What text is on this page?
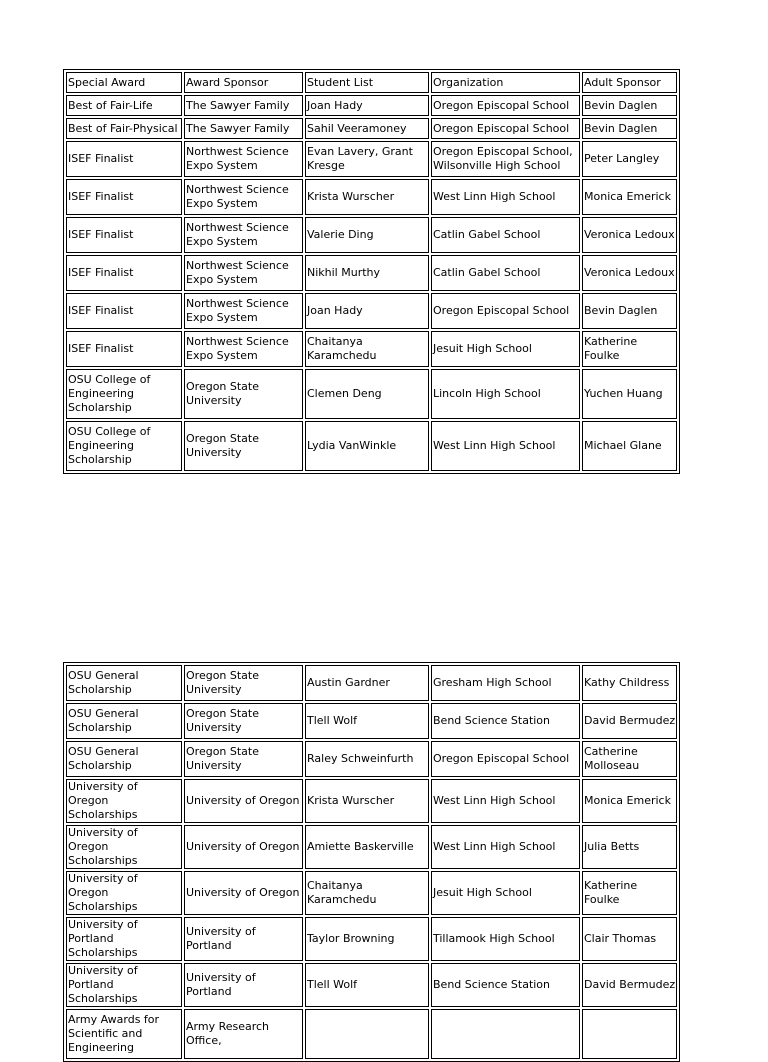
Special Award	Award Sponsor	Student List	Organization	Adult Sponsor

Best of Fair-Life	The Sawyer Family	Joan Hady	Oregon Episcopal School	Bevin Daglen

Best of Fair-Physical	The Sawyer Family	Sahil Veeramoney	Oregon Episcopal School	Bevin Daglen

ISEF Finalist	Northwest Science
Expo System	Evan Lavery, Grant
Kresge	Oregon Episcopal School,
Wilsonville High School	Peter Langley

ISEF Finalist	Northwest Science
Expo System	Krista Wurscher	West Linn High School	Monica Emerick

ISEF Finalist	Northwest Science
Expo System	Valerie Ding	Catlin Gabel School	Veronica Ledoux

ISEF Finalist	Northwest Science
Expo System	Nikhil Murthy	Catlin Gabel School	Veronica Ledoux

ISEF Finalist	Northwest Science
Expo System	Joan Hady	Oregon Episcopal School	Bevin Daglen

ISEF Finalist	Northwest Science
Expo System	Chaitanya Karamchedu	Jesuit High School	Katherine Foulke

OSU College of
Engineering
Scholarship	Oregon State
University	Clemen Deng	Lincoln High School	Yuchen Huang

OSU College of
Engineering
Scholarship	Oregon State
University	Lydia VanWinkle	West Linn High School	Michael Glane
OSU General
Scholarship	Oregon State
University	Austin Gardner	Gresham High School	Kathy Childress

OSU General
Scholarship	Oregon State
University	Tlell Wolf	Bend Science Station	David Bermudez

OSU General
Scholarship	Oregon State
University	Raley Schweinfurth	Oregon Episcopal School	Catherine
Molloseau

University of Oregon
Scholarships	University of Oregon	Krista Wurscher	West Linn High School	Monica Emerick

University of Oregon
Scholarships	University of Oregon	Amiette Baskerville	West Linn High School	Julia Betts

University of Oregon
Scholarships	University of Oregon	Chaitanya Karamchedu	Jesuit High School	Katherine Foulke

University of Portland
Scholarships	University of Portland	Taylor Browning	Tillamook High School	Clair Thomas

University of Portland
Scholarships	University of Portland	Tlell Wolf	Bend Science Station	David Bermudez

Army Awards for
Scientific and
Engineering	Army Research Office,			
